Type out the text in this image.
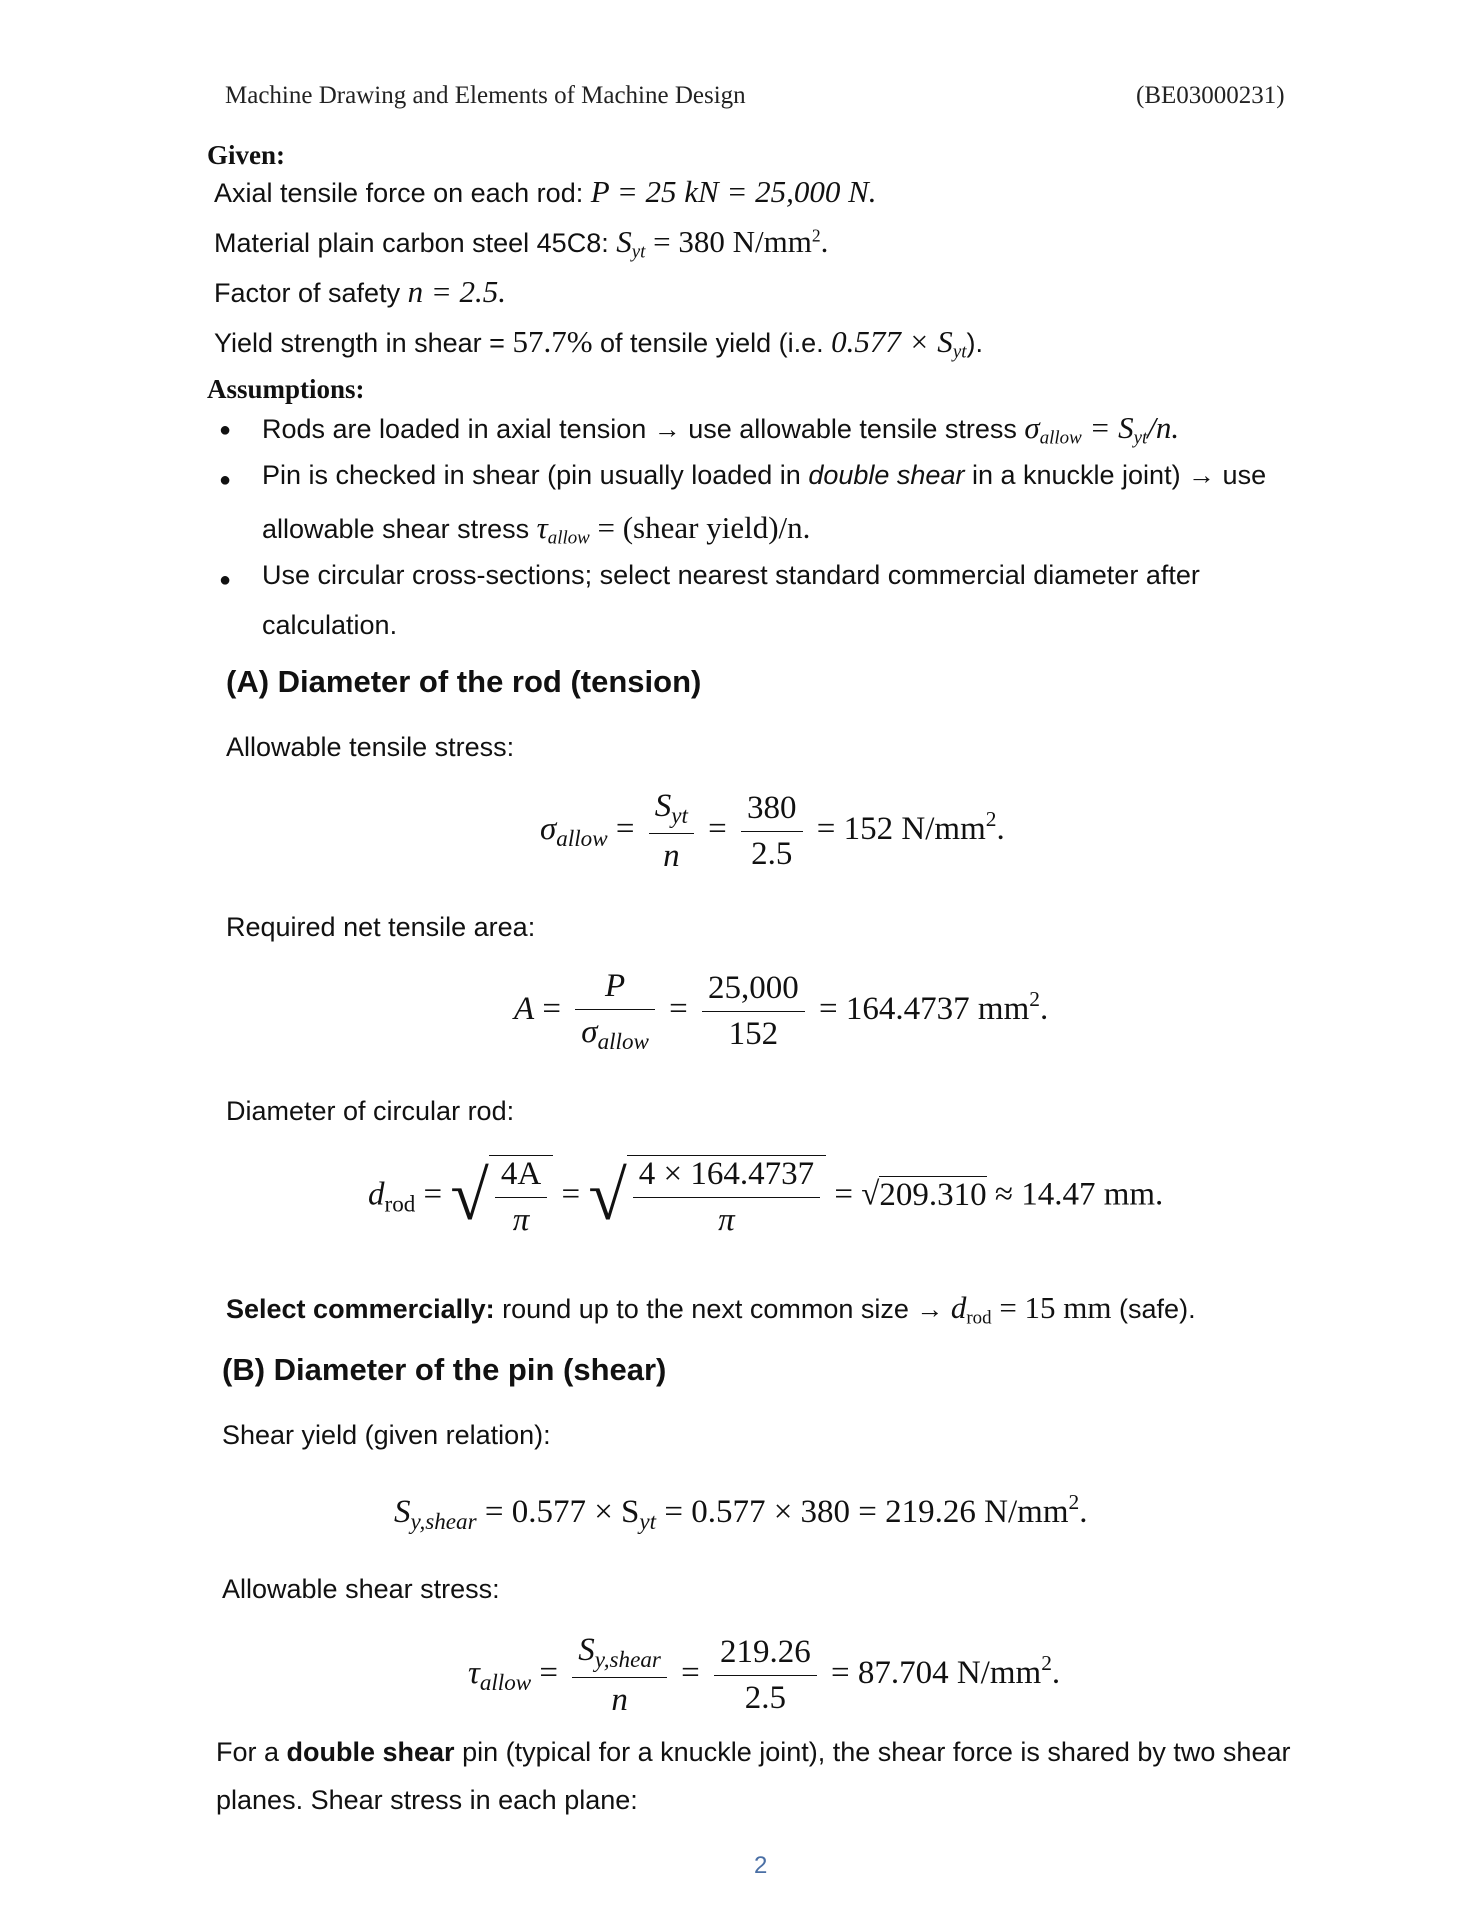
Machine Drawing and Elements of Machine Design	(BE03000231)
Given:
Axial tensile force on each rod: P = 25 kN = 25,000 N.
Material plain carbon steel 45C8: $S_{yt} = 380$ $N/mm^2$.
Factor of safety n = 2.5.
Yield strength in shear = 57.7% of tensile yield (i.e. $0.577 \times S_{yt}$).
Assumptions:
● Rods are loaded in axial tension → use allowable tensile stress $\sigma_{allow} = S_{yt}/n$.
● Pin is checked in shear (pin usually loaded in double shear in a knuckle joint) → use
allowable shear stress $\tau_{allow}$ = (shear yield)/n.
● Use circular cross-sections; select nearest standard commercial diameter after
calculation.
(A) Diameter of the rod (tension)
Allowable tensile stress:
$\sigma_{allow} = \frac{S_{yt}}{n} = \frac{380}{2.5} = 152$ $N/mm^2$.
Required net tensile area:
$A = \frac{P}{\sigma_{allow}} = \frac{25,000}{152} = 164.4737$ $mm^2$.
Diameter of circular rod:
$d_{rod}$ = √ $\frac{4A}{\pi}$ = √ $\frac{4 \times 164.4737}{\pi} = √209.310 \approx 14.47$ mm.
Select commercially: round up to the next common size → $d_{rod} = 15$ mm (safe).
(B) Diameter of the pin (shear)
Shear yield (given relation):
$S_{y,shear} = 0.577 \times S_{yt} = 0.577 \times 380 = 219.26$ $N/mm^2$.
Allowable shear stress:
$\tau_{allow} = \frac{S_{y,shear}}{n} = \frac{219.26}{2.5} = 87.704$ $N/mm^2$.
For a double shear pin (typical for a knuckle joint), the shear force is shared by two shear
planes. Shear stress in each plane:
2
